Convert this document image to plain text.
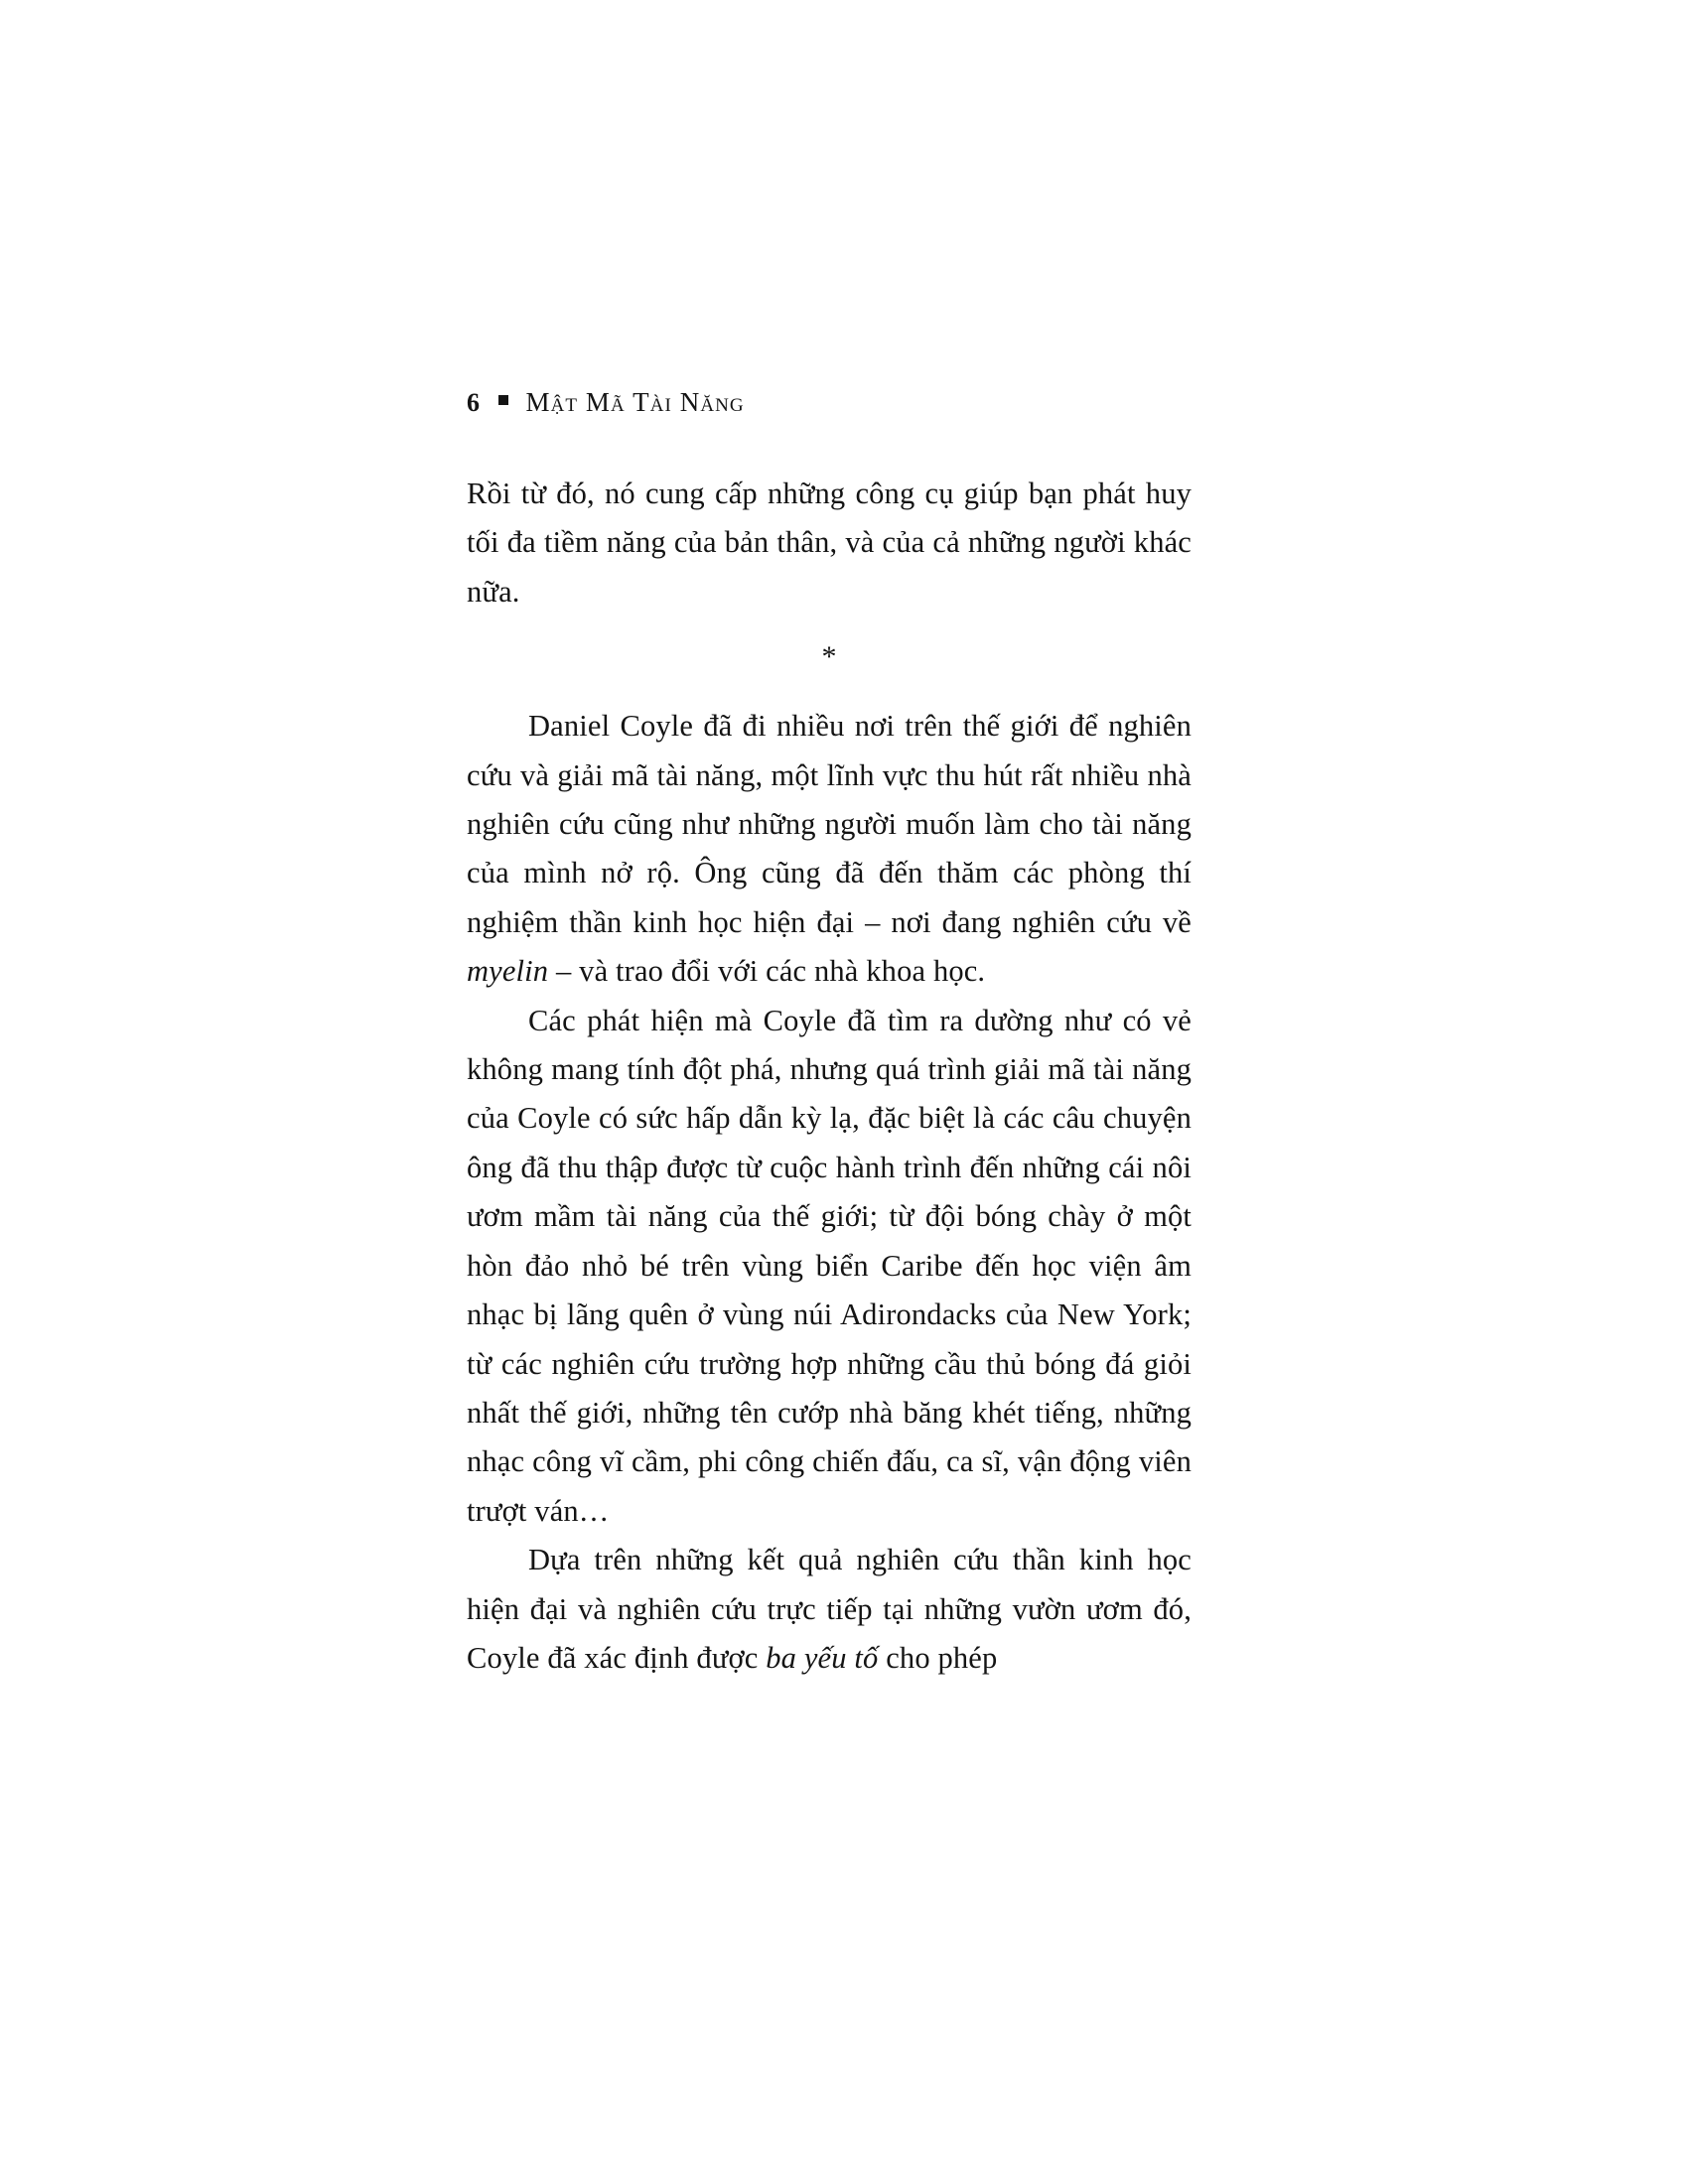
6 Mật Mã Tài Năng

Rồi từ đó, nó cung cấp những công cụ giúp bạn phát huy tối đa tiềm năng của bản thân, và của cả những người khác nữa.

*

Daniel Coyle đã đi nhiều nơi trên thế giới để nghiên cứu và giải mã tài năng, một lĩnh vực thu hút rất nhiều nhà nghiên cứu cũng như những người muốn làm cho tài năng của mình nở rộ. Ông cũng đã đến thăm các phòng thí nghiệm thần kinh học hiện đại – nơi đang nghiên cứu về myelin – và trao đổi với các nhà khoa học.

Các phát hiện mà Coyle đã tìm ra dường như có vẻ không mang tính đột phá, nhưng quá trình giải mã tài năng của Coyle có sức hấp dẫn kỳ lạ, đặc biệt là các câu chuyện ông đã thu thập được từ cuộc hành trình đến những cái nôi ươm mầm tài năng của thế giới; từ đội bóng chày ở một hòn đảo nhỏ bé trên vùng biển Caribe đến học viện âm nhạc bị lãng quên ở vùng núi Adirondacks của New York; từ các nghiên cứu trường hợp những cầu thủ bóng đá giỏi nhất thế giới, những tên cướp nhà băng khét tiếng, những nhạc công vĩ cầm, phi công chiến đấu, ca sĩ, vận động viên trượt ván…

Dựa trên những kết quả nghiên cứu thần kinh học hiện đại và nghiên cứu trực tiếp tại những vườn ươm đó, Coyle đã xác định được ba yếu tố cho phép
